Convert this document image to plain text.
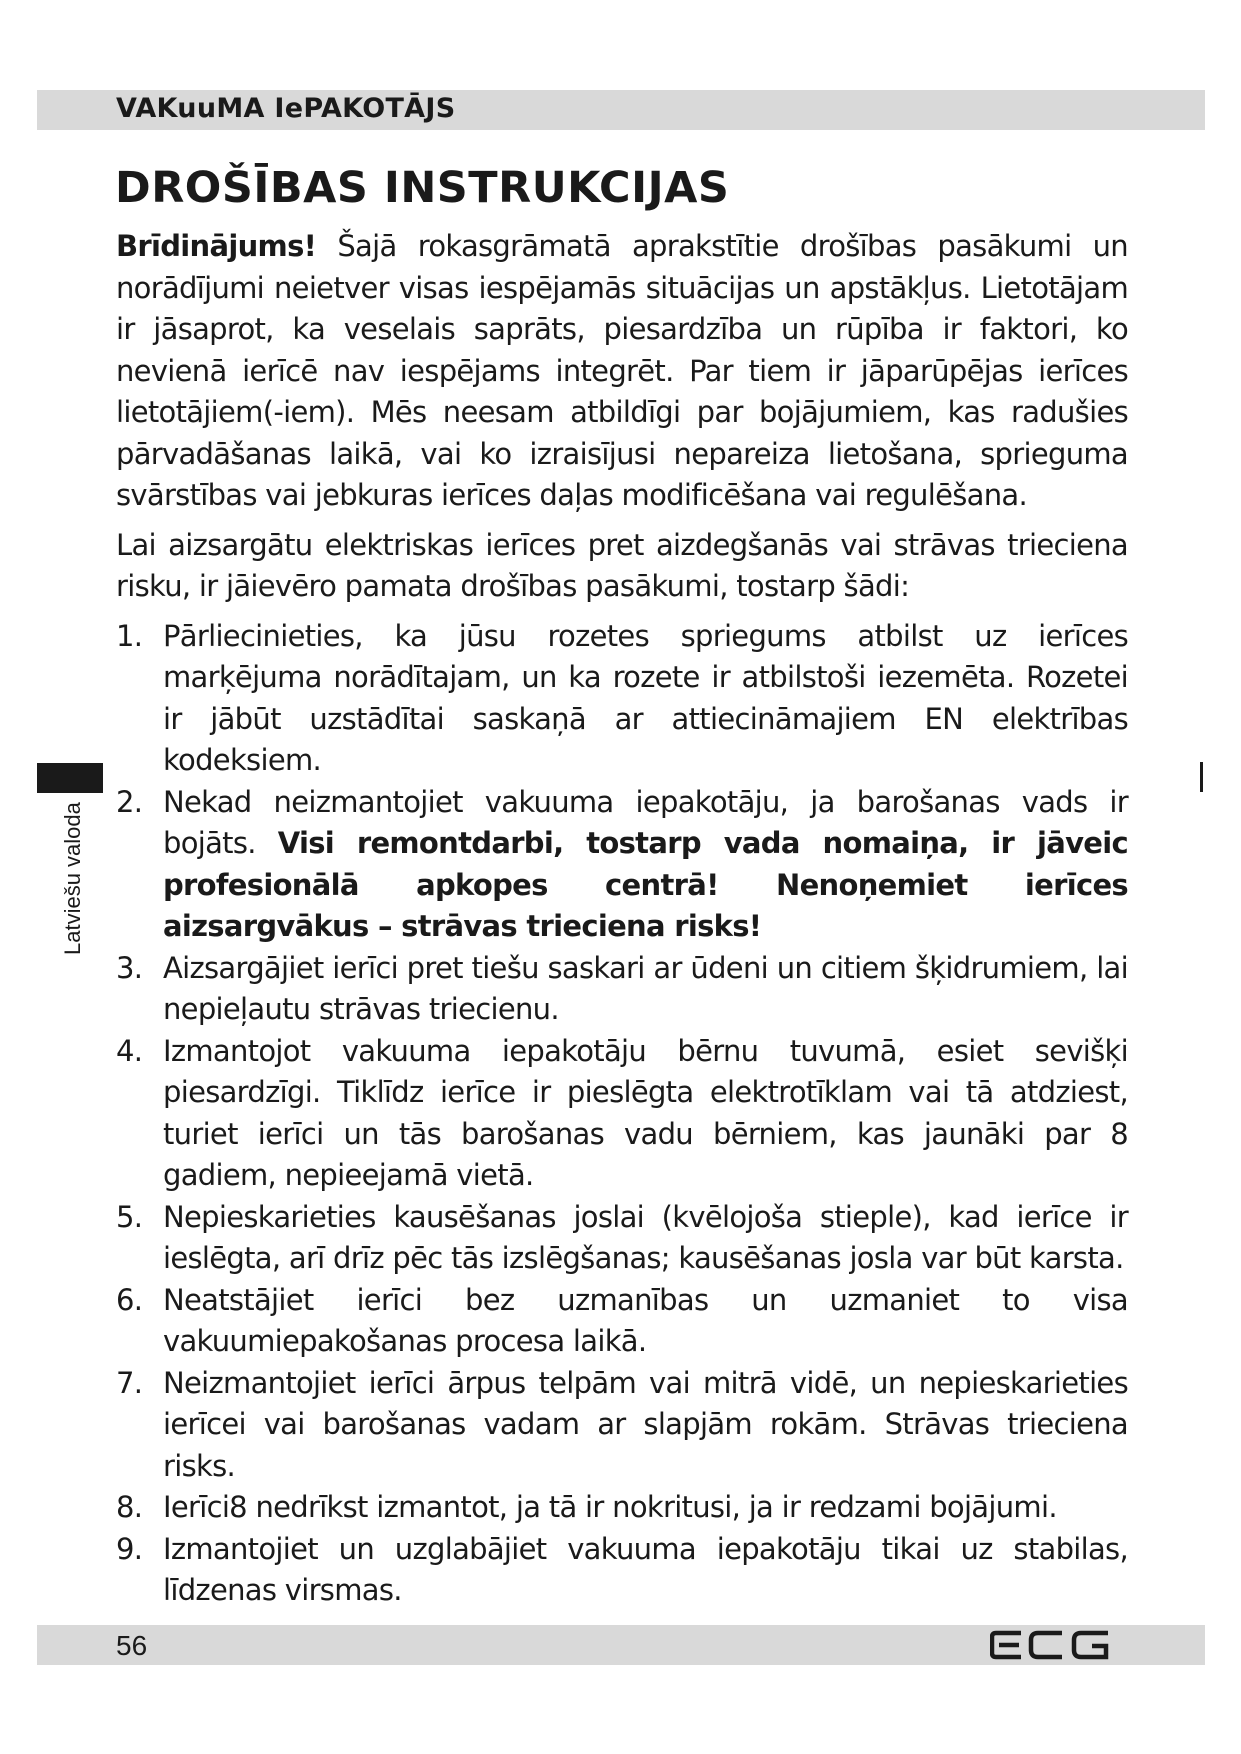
VAKuuMA IePAKOTĀJS
DROŠĪBAS INSTRUKCIJAS

Brīdinājums! Šajā rokasgrāmatā aprakstītie drošības pasākumi un norādījumi neietver visas iespējamās situācijas un apstākļus. Lietotājam ir jāsaprot, ka veselais saprāts, piesardzība un rūpība ir faktori, ko nevienā ierīcē nav iespējams integrēt. Par tiem ir jāparūpējas ierīces lietotājiem(-iem). Mēs neesam atbildīgi par bojājumiem, kas radušies pārvadāšanas laikā, vai ko izraisījusi nepareiza lietošana, sprieguma svārstības vai jebkuras ierīces daļas modificēšana vai regulēšana.

Lai aizsargātu elektriskas ierīces pret aizdegšanās vai strāvas trieciena risku, ir jāievēro pamata drošības pasākumi, tostarp šādi:

1. Pārliecinieties, ka jūsu rozetes spriegums atbilst uz ierīces marķējuma norādītajam, un ka rozete ir atbilstoši iezemēta. Rozetei ir jābūt uzstādītai saskaņā ar attiecināmajiem EN elektrības kodeksiem.
2. Nekad neizmantojiet vakuuma iepakotāju, ja barošanas vads ir bojāts. Visi remontdarbi, tostarp vada nomaiņa, ir jāveic profesionālā apkopes centrā! Nenoņemiet ierīces aizsargvākus – strāvas trieciena risks!
3. Aizsargājiet ierīci pret tiešu saskari ar ūdeni un citiem šķidrumiem, lai nepieļautu strāvas triecienu.
4. Izmantojot vakuuma iepakotāju bērnu tuvumā, esiet sevišķi piesardzīgi. Tiklīdz ierīce ir pieslēgta elektrotīklam vai tā atdziest, turiet ierīci un tās barošanas vadu bērniem, kas jaunāki par 8 gadiem, nepieejamā vietā.
5. Nepieskarieties kausēšanas joslai (kvēlojoša stieple), kad ierīce ir ieslēgta, arī drīz pēc tās izslēgšanas; kausēšanas josla var būt karsta.
6. Neatstājiet ierīci bez uzmanības un uzmaniet to visa vakuumiepakošanas procesa laikā.
7. Neizmantojiet ierīci ārpus telpām vai mitrā vidē, un nepieskarieties ierīcei vai barošanas vadam ar slapjām rokām. Strāvas trieciena risks.
8. Ierīci8 nedrīkst izmantot, ja tā ir nokritusi, ja ir redzami bojājumi.
9. Izmantojiet un uzglabājiet vakuuma iepakotāju tikai uz stabilas, līdzenas virsmas.
Latviešu valoda
56
